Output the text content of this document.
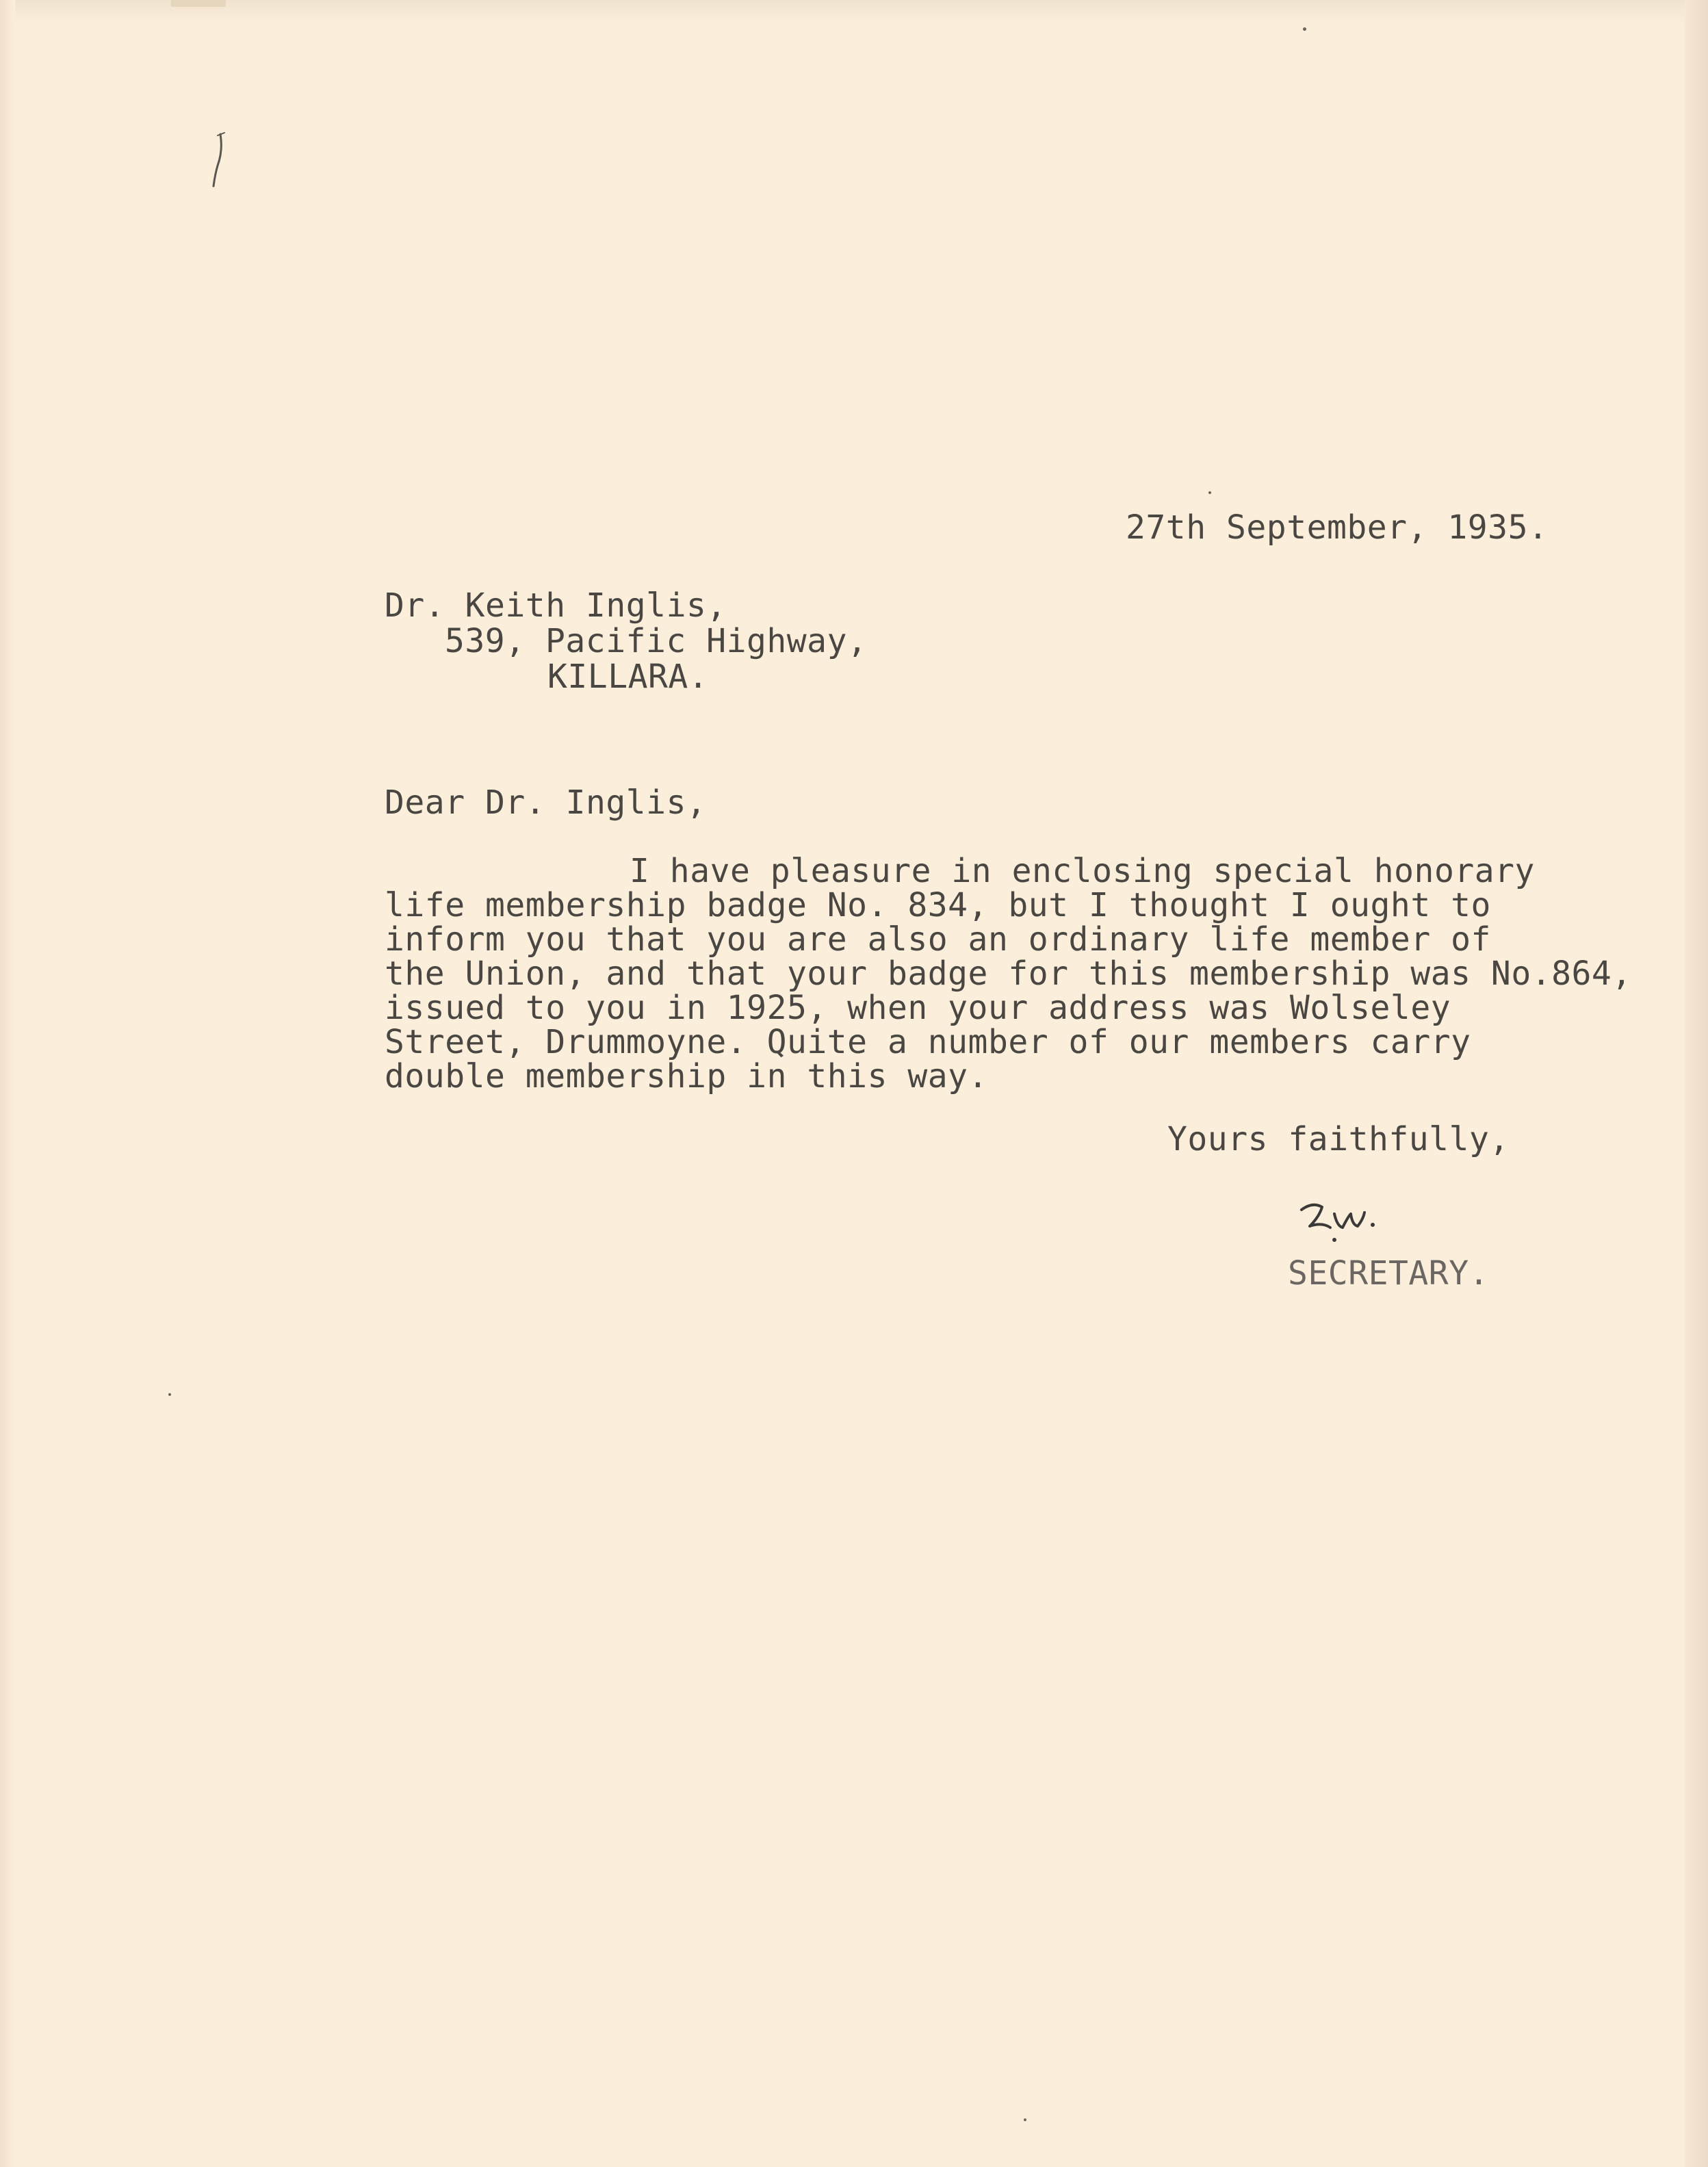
27th September, 1935.
Dr. Keith Inglis,
539, Pacific Highway,
KILLARA.
Dear Dr. Inglis,
I have pleasure in enclosing special honorary
life membership badge No. 834, but I thought I ought to
inform you that you are also an ordinary life member of
the Union, and that your badge for this membership was No.864,
issued to you in 1925, when your address was Wolseley
Street, Drummoyne. Quite a number of our members carry
double membership in this way.
Yours faithfully,
SECRETARY.
